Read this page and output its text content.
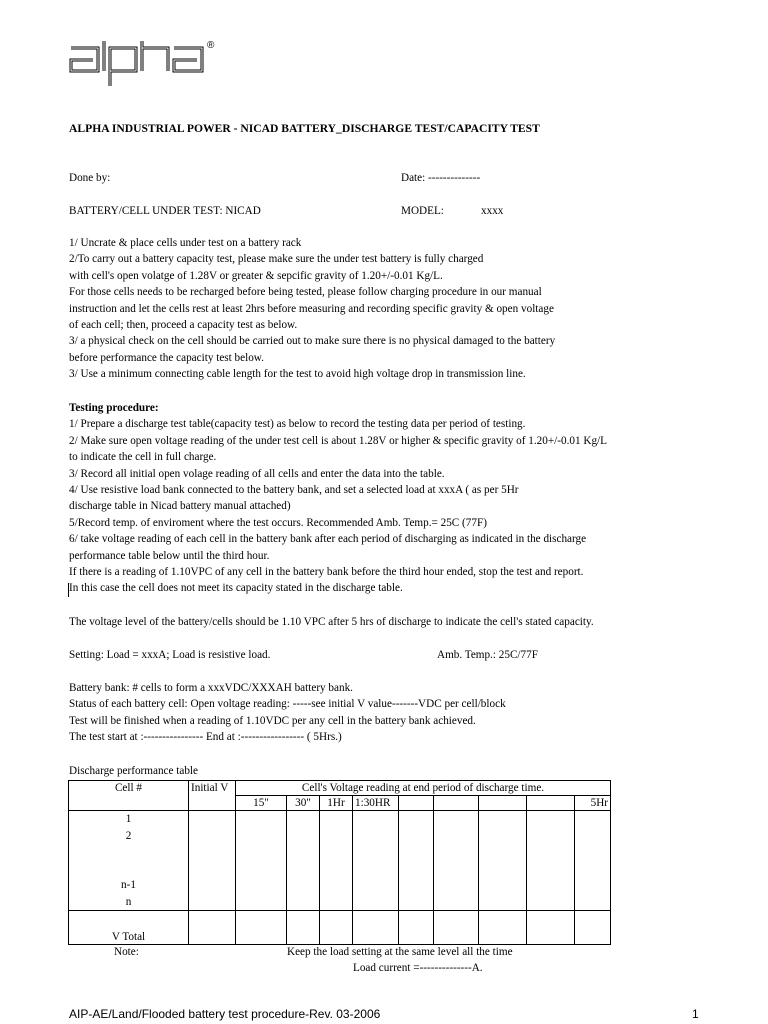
®
ALPHA INDUSTRIAL POWER - NICAD BATTERY_DISCHARGE TEST/CAPACITY TEST
Done by:	Date: --------------
BATTERY/CELL UNDER TEST: NICAD	MODEL:	xxxx
1/ Uncrate & place cells under test on a battery rack
2/To carry out a battery capacity test, please make sure the under test battery is fully charged
with cell's open volatge of 1.28V or greater & sepcific gravity of 1.20+/-0.01 Kg/L.
For those cells needs to be recharged before being tested, please follow charging procedure in our manual
instruction and let the cells rest at least 2hrs before measuring and recording specific gravity & open voltage
of each cell; then, proceed a capacity test as below.
3/ a physical check on the cell should be carried out to make sure there is no physical damaged to the battery
before performance the capacity test below.
3/ Use a minimum connecting cable length for the test to avoid high voltage drop in transmission line.
Testing procedure:
1/ Prepare a discharge test table(capacity test) as below to record the testing data per period of testing.
2/ Make sure open voltage reading of the under test cell is about 1.28V or higher & specific gravity of 1.20+/-0.01 Kg/L
to indicate the cell in full charge.
3/ Record all initial open volage reading of all cells and enter the data into the table.
4/ Use resistive load bank connected to the battery bank, and set a selected load at xxxA ( as per 5Hr
discharge table in Nicad battery manual attached)
5/Record temp. of enviroment where the test occurs. Recommended Amb. Temp.= 25C (77F)
6/ take voltage reading of each cell in the battery bank after each period of discharging as indicated in the discharge
performance table below until the third hour.
If there is a reading of 1.10VPC of any cell in the battery bank before the third hour ended, stop the test and report.
In this case the cell does not meet its capacity stated in the discharge table.
The voltage level of the battery/cells should be 1.10 VPC after 5 hrs of discharge to indicate the cell's stated capacity.
Setting: Load = xxxA; Load is resistive load.	Amb. Temp.: 25C/77F
Battery bank: # cells to form a xxxVDC/XXXAH battery bank.
Status of each battery cell: Open voltage reading: -----see initial V value-------VDC per cell/block
Test will be finished when a reading of 1.10VDC per any cell in the battery bank achieved.
The test start at :---------------- End at :----------------- ( 5Hrs.)
Discharge performance table
Cell #	Initial V	Cell's Voltage reading at end period of discharge time.								
		15"	30"	1Hr	1:30HR					5Hr

1
2
n-1
n										

V Total										
Note:	Keep the load setting at the same level all the time
Load current =--------------A.
AIP-AE/Land/Flooded battery test procedure-Rev. 03-2006	1
